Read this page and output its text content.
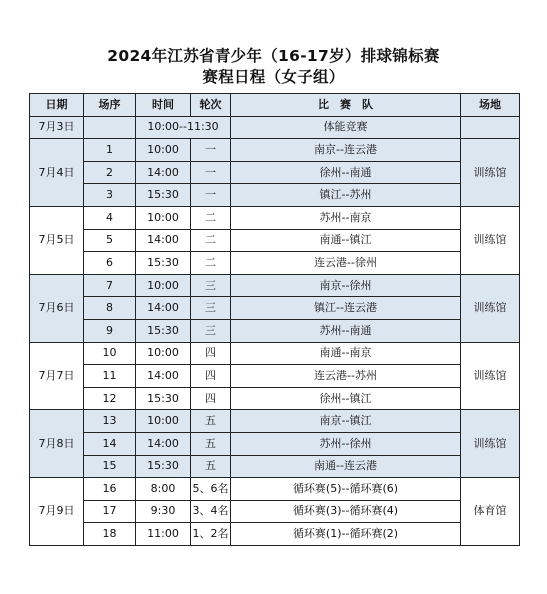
2024年江苏省青少年（16-17岁）排球锦标赛
赛程日程（女子组）
日期	场序	时间	轮次	比　赛　队	场地
7月3日		10:00--11:30		体能竞赛	
7月4日	1	10:00	一	南京--连云港	训练馆
	2	14:00	一	徐州--南通	
	3	15:30	一	镇江--苏州	
7月5日	4	10:00	二	苏州--南京	训练馆
	5	14:00	二	南通--镇江	
	6	15:30	二	连云港--徐州	
7月6日	7	10:00	三	南京--徐州	训练馆
	8	14:00	三	镇江--连云港	
	9	15:30	三	苏州--南通	
7月7日	10	10:00	四	南通--南京	训练馆
	11	14:00	四	连云港--苏州	
	12	15:30	四	徐州--镇江	
7月8日	13	10:00	五	南京--镇江	训练馆
	14	14:00	五	苏州--徐州	
	15	15:30	五	南通--连云港	
7月9日	16	8:00	5、6名	循环赛(5)--循环赛(6)	体育馆
	17	9:30	3、4名	循环赛(3)--循环赛(4)	
	18	11:00	1、2名	循环赛(1)--循环赛(2)	
